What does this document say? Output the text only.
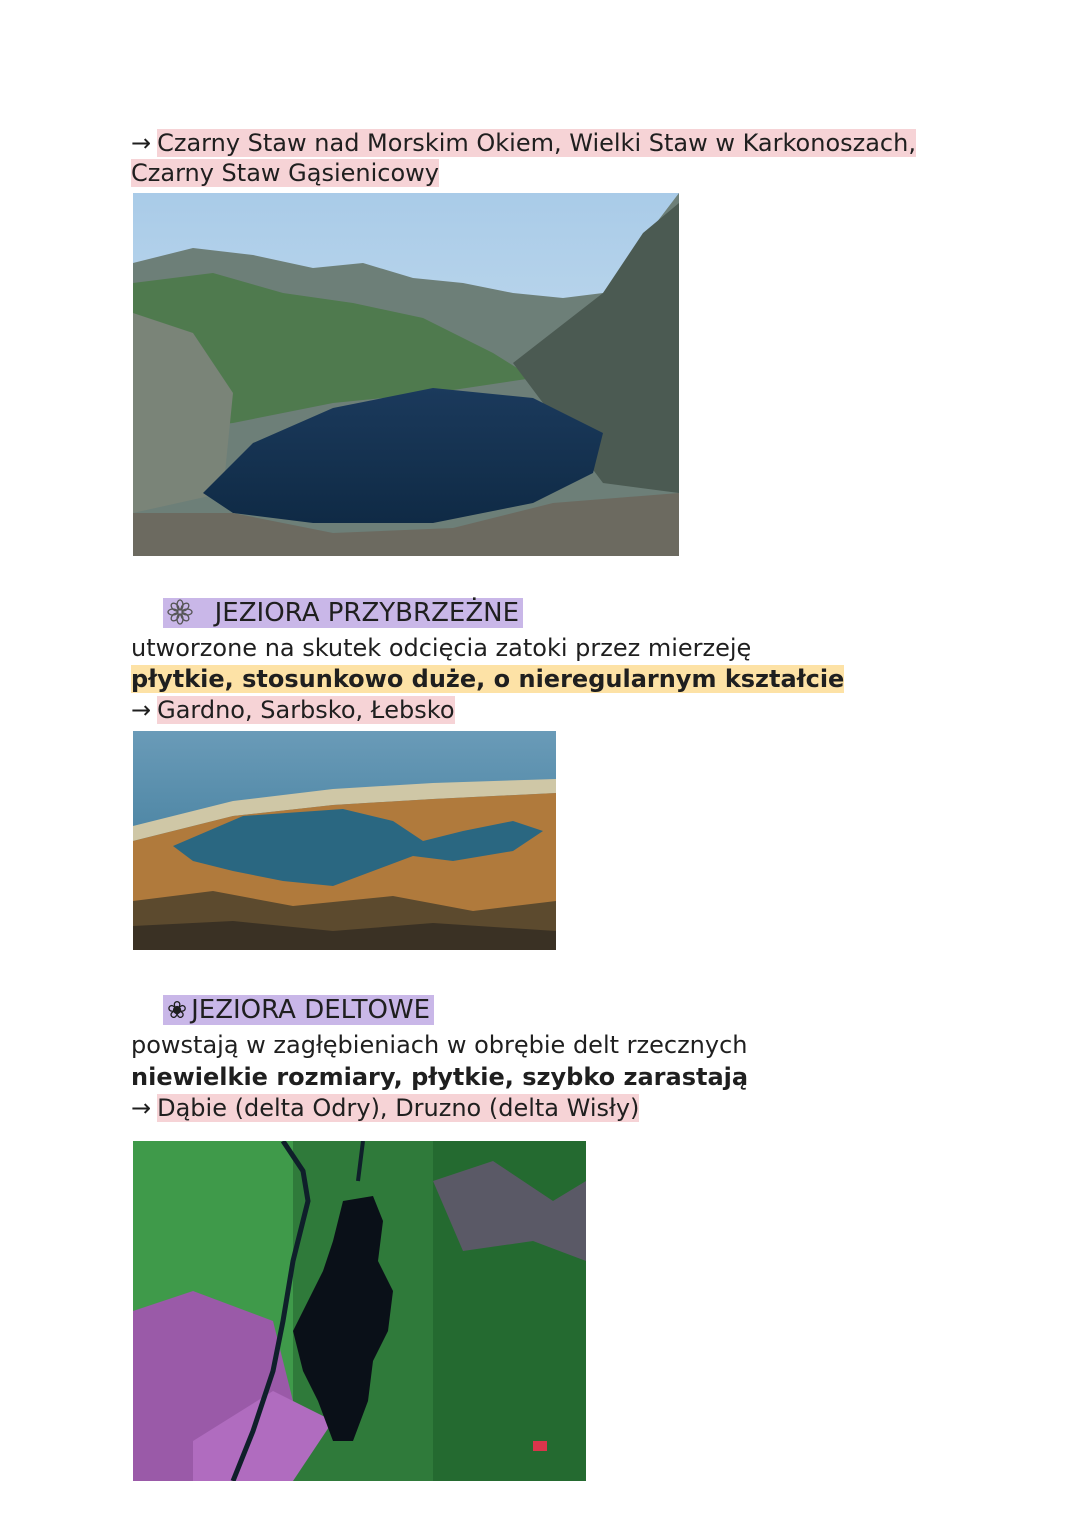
→ Czarny Staw nad Morskim Okiem, Wielki Staw w Karkonoszach,
Czarny Staw Gąsienicowy
JEZIORA PRZYBRZEŻNE
utworzone na skutek odcięcia zatoki przez mierzeję
płytkie, stosunkowo duże, o nieregularnym kształcie
→ Gardno, Sarbsko, Łebsko
❀ JEZIORA DELTOWE
powstają w zagłębieniach w obrębie delt rzecznych
niewielkie rozmiary, płytkie, szybko zarastają
→ Dąbie (delta Odry), Druzno (delta Wisły)
